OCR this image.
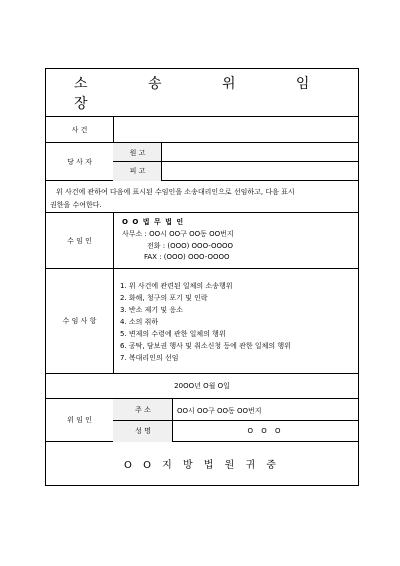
소 송 위 임 장
사 건
당 사 자
원 고
피 고
위 사건에 관하여 다음에 표시된 수임인을 소송대리인으로 선임하고, 다음 표시
권한을 수여한다.
수 임 인
O O 법 무 법 인
사무소 : OO시 OO구 OO동 OO번지
전화 : (OOO) OOO-OOOO
FAX : (OOO) OOO-OOOO
수 임 사 항
1. 위 사건에 관련된 일체의 소송행위
2. 화해, 청구의 포기 및 인락
3. 반소 제기 및 응소
4. 소의 취하
5. 변제의 수령에 관한 일체의 행위
6. 공탁, 담보권 행사 및 취소신청 등에 관한 일체의 행위
7. 복대리인의 선임
20OO년 O월 O일
위 임 인
주 소
성 명
OO시 OO구 OO동 OO번지
O O O
O O 지 방 법 원 귀 중
